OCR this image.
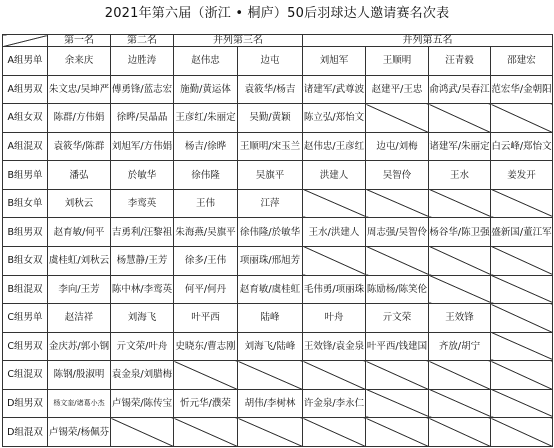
2021年第六届（浙江 • 桐庐）50后羽球达人邀请赛名次表
	第一名	第二名	并列第三名		并列第五名			
A组男单	余来庆	边胜涛	赵伟忠	边屯	刘旭军	王顺明	汪青毅	邵建宏
A组男双	朱文忠/吴坤严	傅勇锋/蓝志宏	施勤/黄运体	袁筱华/杨吉	诸建军/武尊波	赵建平/王忠	俞鸿武/吴春江	范宏华/金朝阳
A组女双	陈群/方伟娟	徐晔/吴晶晶	王彦红/朱丽定	吴勤/黄颖	陈立弘/郑怡文			
A组混双	袁筱华/陈群	刘旭军/方伟娟	杨吉/徐晔	王顺明/宋玉兰	赵伟忠/王彦红	边屯/刘梅	诸建军/朱丽定	白云峰/郑怡文
B组男单	潘弘	於敏华	徐伟隆	吴旗平	洪建人	吴智伶	王水	姜发开
B组女单	刘秋云	李鸾英	王伟	江萍				
B组男双	赵育敏/何平	吉勇利/汪黎祖	朱海燕/吴旗平	徐伟隆/於敏华	王水/洪建人	周志强/吴智伶	杨谷华/陈卫强	盛新国/董江军
B组女双	虞桂虹/刘秋云	杨慧静/王芳	徐多/王伟	项丽珠/邢旭芳				
B组混双	李向/王芳	陈中林/李鸾英	何平/何丹	赵育敏/虞桂虹	毛伟勇/项丽珠	陈励杨/陈笑伦		
C组男单	赵洁祥	刘海飞	叶平西	陆峰	叶舟	亓文荣	王效锋	
C组男双	金庆苏/郭小钢	亓文荣/叶舟	史晓东/曹志刚	刘海飞/陆峰	王效锋/袁金泉	叶平西/钱建国	齐放/胡宁	
C组混双	陈钢/殷淑明	袁金泉/刘腊梅						
D组男双	杨文奎/诸葛小杰	卢锡荣/陈传宝	忻元华/濮荣	胡伟/李树林	许金泉/李永仁			
D组混双	卢锡荣/杨佩芬							
